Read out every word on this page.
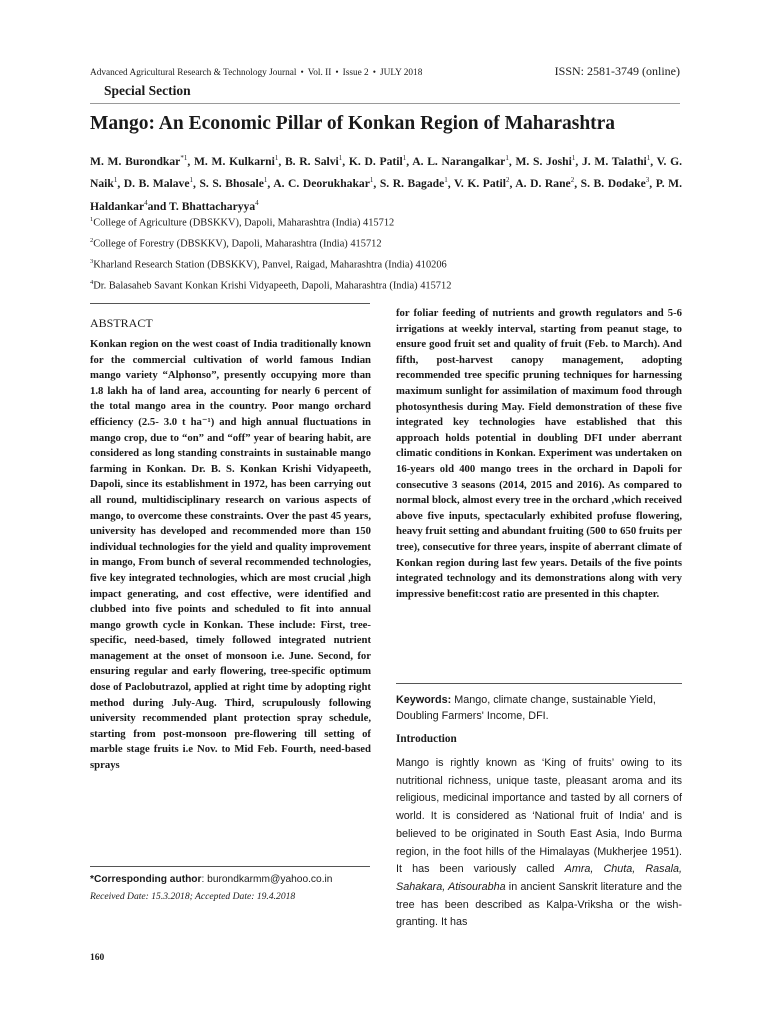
Advanced Agricultural Research & Technology Journal • Vol. II • Issue 2 • JULY 2018	ISSN: 2581-3749 (online)
Special Section
Mango: An Economic Pillar of Konkan Region of Maharashtra
M. M. Burondkar$^{*1}$, M. M. Kulkarni$^1$, B. R. Salvi$^1$, K. D. Patil$^1$, A. L. Narangalkar$^1$, M. S. Joshi$^1$, J. M. Talathi$^1$, V. G. Naik$^1$, D. B. Malave$^1$, S. S. Bhosale$^1$, A. C. Deorukhakar$^1$, S. R. Bagade$^1$, V. K. Patil$^2$, A. D. Rane$^2$, S. B. Dodake$^3$, P. M. Haldankar$^4$and T. Bhattacharyya$^4$
$^1$College of Agriculture (DBSKKV), Dapoli, Maharashtra (India) 415712
$^2$College of Forestry (DBSKKV), Dapoli, Maharashtra (India) 415712
$^3$Kharland Research Station (DBSKKV), Panvel, Raigad, Maharashtra (India) 410206
$^4$Dr. Balasaheb Savant Konkan Krishi Vidyapeeth, Dapoli, Maharashtra (India) 415712
ABSTRACT
Konkan region on the west coast of India traditionally known for the commercial cultivation of world famous Indian mango variety “Alphonso”, presently occupying more than 1.8 lakh ha of land area, accounting for nearly 6 percent of the total mango area in the country. Poor mango orchard efficiency (2.5- 3.0 t ha⁻¹) and high annual fluctuations in mango crop, due to “on” and “off” year of bearing habit, are considered as long standing constraints in sustainable mango farming in Konkan. Dr. B. S. Konkan Krishi Vidyapeeth, Dapoli, since its establishment in 1972, has been carrying out all round, multidisciplinary research on various aspects of mango, to overcome these constraints. Over the past 45 years, university has developed and recommended more than 150 individual technologies for the yield and quality improvement in mango, From bunch of several recommended technologies, five key integrated technologies, which are most crucial ,high impact generating, and cost effective, were identified and clubbed into five points and scheduled to fit into annual mango growth cycle in Konkan. These include: First, tree-specific, need-based, timely followed integrated nutrient management at the onset of monsoon i.e. June. Second, for ensuring regular and early flowering, tree-specific optimum dose of Paclobutrazol, applied at right time by adopting right method during July-Aug. Third, scrupulously following university recommended plant protection spray schedule, starting from post-monsoon pre-flowering till setting of marble stage fruits i.e Nov. to Mid Feb. Fourth, need-based sprays
for foliar feeding of nutrients and growth regulators and 5-6 irrigations at weekly interval, starting from peanut stage, to ensure good fruit set and quality of fruit (Feb. to March). And fifth, post-harvest canopy management, adopting recommended tree specific pruning techniques for harnessing maximum sunlight for assimilation of maximum food through photosynthesis during May. Field demonstration of these five integrated key technologies have established that this approach holds potential in doubling DFI under aberrant climatic conditions in Konkan. Experiment was undertaken on 16-years old 400 mango trees in the orchard in Dapoli for consecutive 3 seasons (2014, 2015 and 2016). As compared to normal block, almost every tree in the orchard ,which received above five inputs, spectacularly exhibited profuse flowering, heavy fruit setting and abundant fruiting (500 to 650 fruits per tree), consecutive for three years, inspite of aberrant climate of Konkan region during last few years. Details of the five points integrated technology and its demonstrations along with very impressive benefit:cost ratio are presented in this chapter.
Keywords: Mango, climate change, sustainable Yield, Doubling Farmers' Income, DFI.
Introduction
Mango is rightly known as ‘King of fruits’ owing to its nutritional richness, unique taste, pleasant aroma and its religious, medicinal importance and tasted by all corners of world. It is considered as ‘National fruit of India’ and is believed to be originated in South East Asia, Indo Burma region, in the foot hills of the Himalayas (Mukherjee 1951). It has been variously called Amra, Chuta, Rasala, Sahakara, Atisourabha in ancient Sanskrit literature and the tree has been described as Kalpa-Vriksha or the wish-granting. It has
*Corresponding author: burondkarmm@yahoo.co.in
Received Date: 15.3.2018; Accepted Date: 19.4.2018
160
